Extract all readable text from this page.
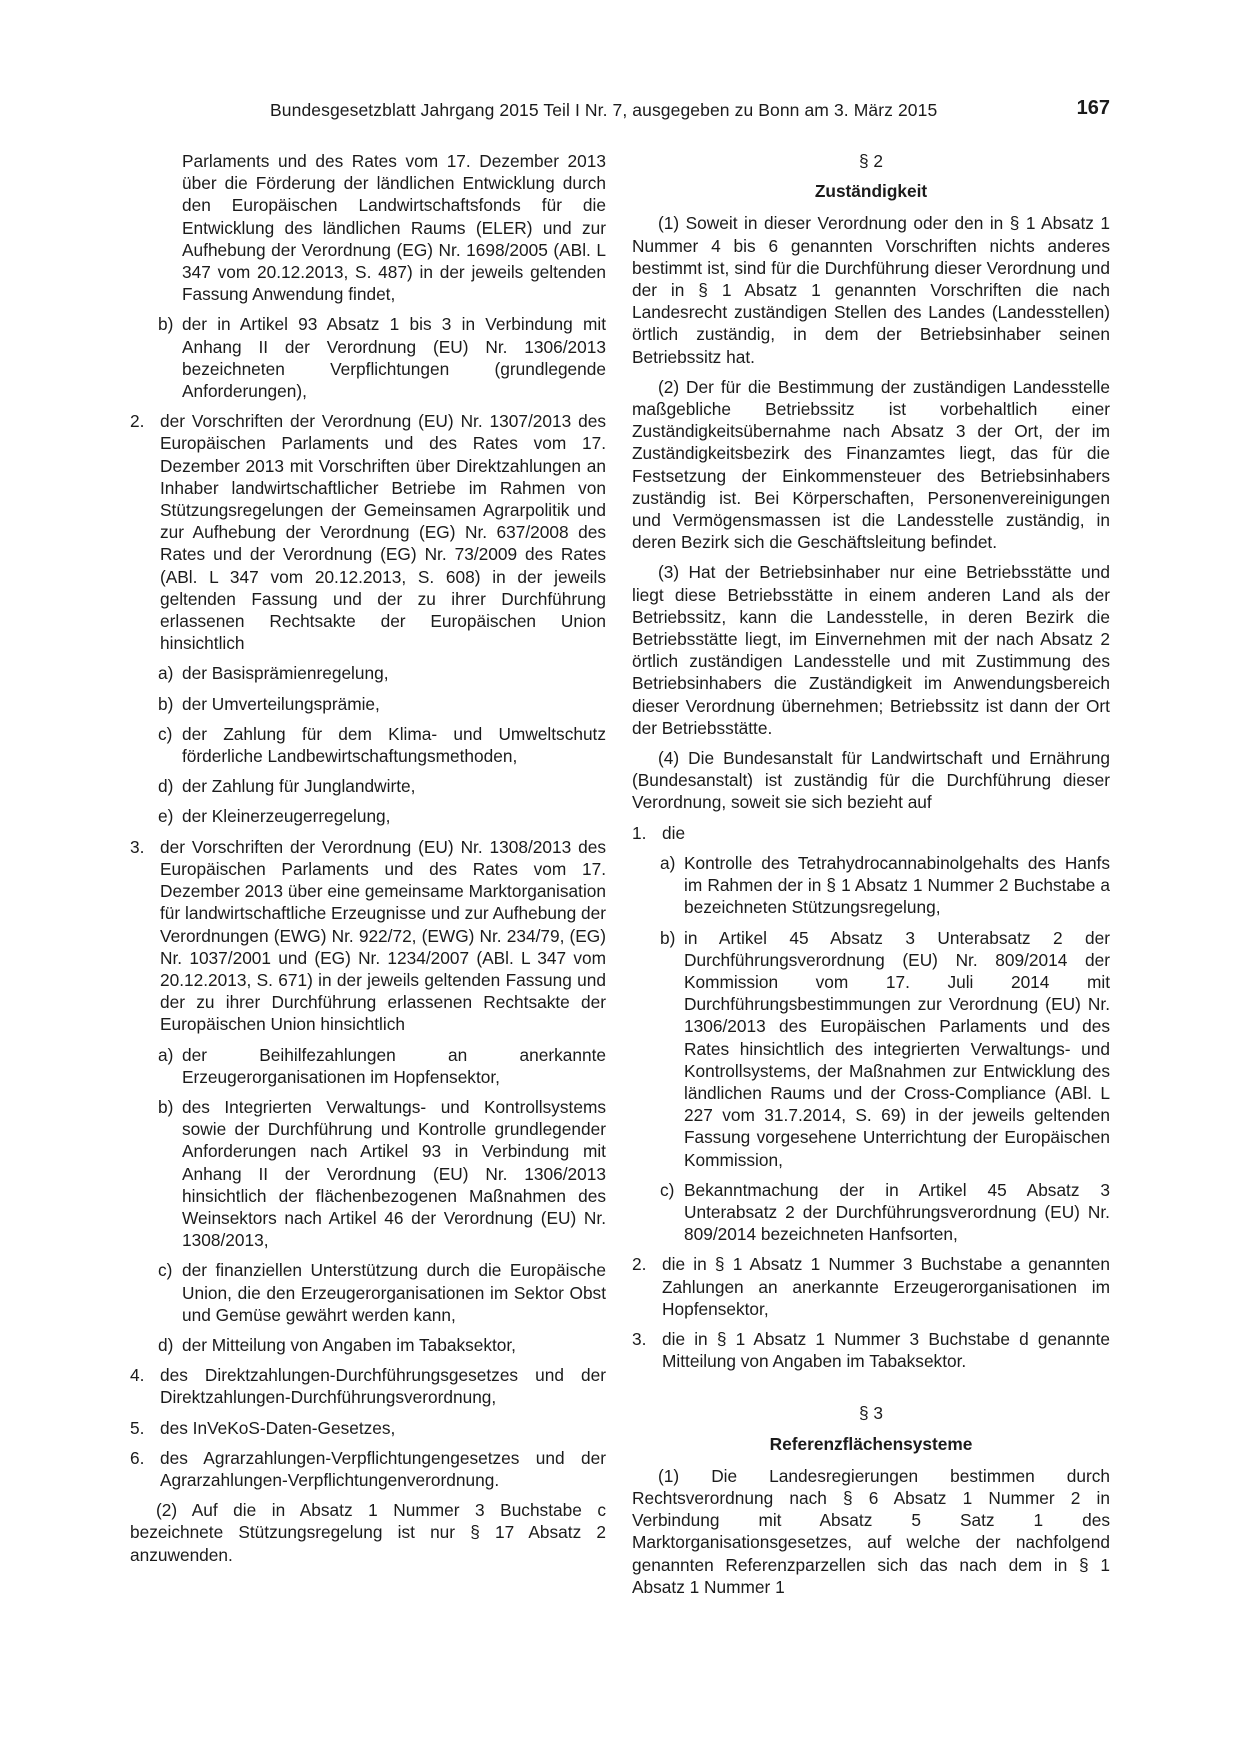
Bundesgesetzblatt Jahrgang 2015 Teil I Nr. 7, ausgegeben zu Bonn am 3. März 2015	167

Parlaments und des Rates vom 17. Dezember 2013 über die Förderung der ländlichen Entwicklung durch den Europäischen Landwirtschaftsfonds für die Entwicklung des ländlichen Raums (ELER) und zur Aufhebung der Verordnung (EG) Nr. 1698/2005 (ABl. L 347 vom 20.12.2013, S. 487) in der jeweils geltenden Fassung Anwendung findet,

b) der in Artikel 93 Absatz 1 bis 3 in Verbindung mit Anhang II der Verordnung (EU) Nr. 1306/2013 bezeichneten Verpflichtungen (grundlegende Anforderungen),
2. der Vorschriften der Verordnung (EU) Nr. 1307/2013 des Europäischen Parlaments und des Rates vom 17. Dezember 2013 mit Vorschriften über Direktzahlungen an Inhaber landwirtschaftlicher Betriebe im Rahmen von Stützungsregelungen der Gemeinsamen Agrarpolitik und zur Aufhebung der Verordnung (EG) Nr. 637/2008 des Rates und der Verordnung (EG) Nr. 73/2009 des Rates (ABl. L 347 vom 20.12.2013, S. 608) in der jeweils geltenden Fassung und der zu ihrer Durchführung erlassenen Rechtsakte der Europäischen Union hinsichtlich
a) der Basisprämienregelung,
b) der Umverteilungsprämie,
c) der Zahlung für dem Klima- und Umweltschutz förderliche Landbewirtschaftungsmethoden,
d) der Zahlung für Junglandwirte,
e) der Kleinerzeugerregelung,
3. der Vorschriften der Verordnung (EU) Nr. 1308/2013 des Europäischen Parlaments und des Rates vom 17. Dezember 2013 über eine gemeinsame Marktorganisation für landwirtschaftliche Erzeugnisse und zur Aufhebung der Verordnungen (EWG) Nr. 922/72, (EWG) Nr. 234/79, (EG) Nr. 1037/2001 und (EG) Nr. 1234/2007 (ABl. L 347 vom 20.12.2013, S. 671) in der jeweils geltenden Fassung und der zu ihrer Durchführung erlassenen Rechtsakte der Europäischen Union hinsichtlich
a) der Beihilfezahlungen an anerkannte Erzeugerorganisationen im Hopfensektor,
b) des Integrierten Verwaltungs- und Kontrollsystems sowie der Durchführung und Kontrolle grundlegender Anforderungen nach Artikel 93 in Verbindung mit Anhang II der Verordnung (EU) Nr. 1306/2013 hinsichtlich der flächenbezogenen Maßnahmen des Weinsektors nach Artikel 46 der Verordnung (EU) Nr. 1308/2013,
c) der finanziellen Unterstützung durch die Europäische Union, die den Erzeugerorganisationen im Sektor Obst und Gemüse gewährt werden kann,
d) der Mitteilung von Angaben im Tabaksektor,
4. des Direktzahlungen-Durchführungsgesetzes und der Direktzahlungen-Durchführungsverordnung,
5. des InVeKoS-Daten-Gesetzes,
6. des Agrarzahlungen-Verpflichtungengesetzes und der Agrarzahlungen-Verpflichtungenverordnung.

(2) Auf die in Absatz 1 Nummer 3 Buchstabe c bezeichnete Stützungsregelung ist nur § 17 Absatz 2 anzuwenden.

§ 2
Zuständigkeit

(1) Soweit in dieser Verordnung oder den in § 1 Absatz 1 Nummer 4 bis 6 genannten Vorschriften nichts anderes bestimmt ist, sind für die Durchführung dieser Verordnung und der in § 1 Absatz 1 genannten Vorschriften die nach Landesrecht zuständigen Stellen des Landes (Landesstellen) örtlich zuständig, in dem der Betriebsinhaber seinen Betriebssitz hat.

(2) Der für die Bestimmung der zuständigen Landesstelle maßgebliche Betriebssitz ist vorbehaltlich einer Zuständigkeitsübernahme nach Absatz 3 der Ort, der im Zuständigkeitsbezirk des Finanzamtes liegt, das für die Festsetzung der Einkommensteuer des Betriebsinhabers zuständig ist. Bei Körperschaften, Personenvereinigungen und Vermögensmassen ist die Landesstelle zuständig, in deren Bezirk sich die Geschäftsleitung befindet.

(3) Hat der Betriebsinhaber nur eine Betriebsstätte und liegt diese Betriebsstätte in einem anderen Land als der Betriebssitz, kann die Landesstelle, in deren Bezirk die Betriebsstätte liegt, im Einvernehmen mit der nach Absatz 2 örtlich zuständigen Landesstelle und mit Zustimmung des Betriebsinhabers die Zuständigkeit im Anwendungsbereich dieser Verordnung übernehmen; Betriebssitz ist dann der Ort der Betriebsstätte.

(4) Die Bundesanstalt für Landwirtschaft und Ernährung (Bundesanstalt) ist zuständig für die Durchführung dieser Verordnung, soweit sie sich bezieht auf

1. die
a) Kontrolle des Tetrahydrocannabinolgehalts des Hanfs im Rahmen der in § 1 Absatz 1 Nummer 2 Buchstabe a bezeichneten Stützungsregelung,
b) in Artikel 45 Absatz 3 Unterabsatz 2 der Durchführungsverordnung (EU) Nr. 809/2014 der Kommission vom 17. Juli 2014 mit Durchführungsbestimmungen zur Verordnung (EU) Nr. 1306/2013 des Europäischen Parlaments und des Rates hinsichtlich des integrierten Verwaltungs- und Kontrollsystems, der Maßnahmen zur Entwicklung des ländlichen Raums und der Cross-Compliance (ABl. L 227 vom 31.7.2014, S. 69) in der jeweils geltenden Fassung vorgesehene Unterrichtung der Europäischen Kommission,
c) Bekanntmachung der in Artikel 45 Absatz 3 Unterabsatz 2 der Durchführungsverordnung (EU) Nr. 809/2014 bezeichneten Hanfsorten,
2. die in § 1 Absatz 1 Nummer 3 Buchstabe a genannten Zahlungen an anerkannte Erzeugerorganisationen im Hopfensektor,
3. die in § 1 Absatz 1 Nummer 3 Buchstabe d genannte Mitteilung von Angaben im Tabaksektor.
§ 3
Referenzflächensysteme

(1) Die Landesregierungen bestimmen durch Rechtsverordnung nach § 6 Absatz 1 Nummer 2 in Verbindung mit Absatz 5 Satz 1 des Marktorganisationsgesetzes, auf welche der nachfolgend genannten Referenzparzellen sich das nach dem in § 1 Absatz 1 Nummer 1
